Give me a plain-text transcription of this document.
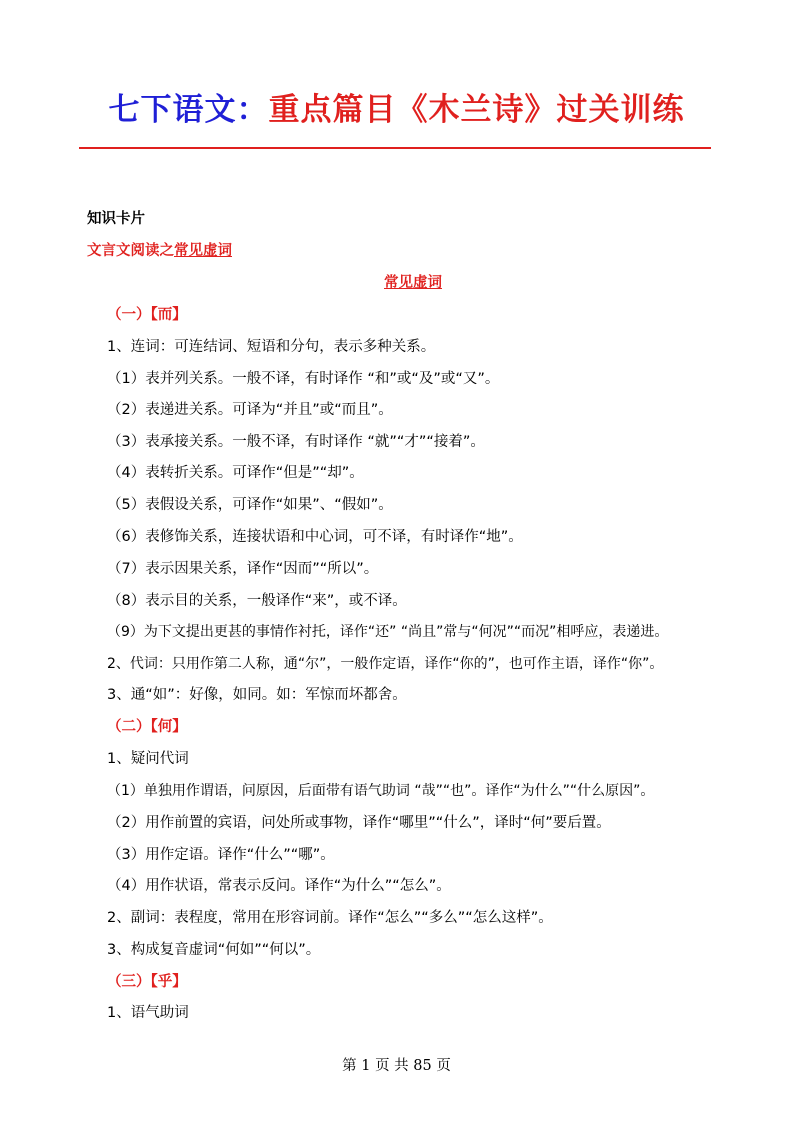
七下语文：重点篇目《木兰诗》过关训练
知识卡片
文言文阅读之常见虚词
常见虚词
（一）【而】
1、连词：可连结词、短语和分句，表示多种关系。
（1）表并列关系。一般不译，有时译作 “和”或“及”或“又”。
（2）表递进关系。可译为“并且”或“而且”。
（3）表承接关系。一般不译，有时译作 “就”“才”“接着”。
（4）表转折关系。可译作“但是”“却”。
（5）表假设关系，可译作“如果”、“假如”。
（6）表修饰关系，连接状语和中心词，可不译，有时译作“地”。
（7）表示因果关系，译作“因而”“所以”。
（8）表示目的关系，一般译作“来”，或不译。
（9）为下文提出更甚的事情作衬托，译作“还” “尚且”常与“何况”“而况”相呼应，表递进。
2、代词：只用作第二人称，通“尔”，一般作定语，译作“你的”，也可作主语，译作“你”。
3、通“如”：好像，如同。如：军惊而坏都舍。
（二）【何】
1、疑问代词
（1）单独用作谓语，问原因，后面带有语气助词 “哉”“也”。译作“为什么”“什么原因”。
（2）用作前置的宾语，问处所或事物，译作“哪里”“什么”，译时“何”要后置。
（3）用作定语。译作“什么”“哪”。
（4）用作状语，常表示反问。译作“为什么”“怎么”。
2、副词：表程度，常用在形容词前。译作“怎么”“多么”“怎么这样”。
3、构成复音虚词“何如”“何以”。
（三）【乎】
1、语气助词
第 1 页 共 85 页
